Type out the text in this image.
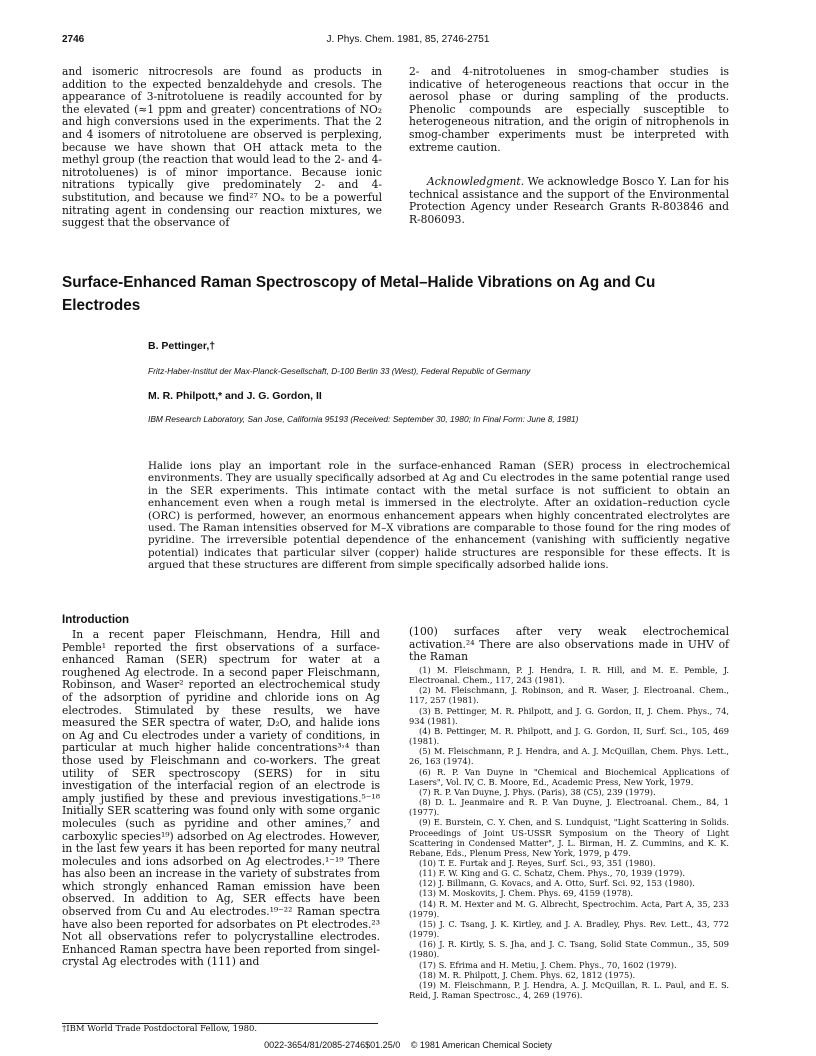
2746	J. Phys. Chem. 1981, 85, 2746-2751

and isomeric nitrocresols are found as products in addition to the expected benzaldehyde and cresols. The appearance of 3-nitrotoluene is readily accounted for by the elevated (≈1 ppm and greater) concentrations of NO₂ and high conversions used in the experiments. That the 2 and 4 isomers of nitrotoluene are observed is perplexing, because we have shown that OH attack meta to the methyl group (the reaction that would lead to the 2- and 4-nitrotoluenes) is of minor importance. Because ionic nitrations typically give predominately 2- and 4-substitution, and because we find²⁷ NOₓ to be a powerful nitrating agent in condensing our reaction mixtures, we suggest that the observance of

2- and 4-nitrotoluenes in smog-chamber studies is indicative of heterogeneous reactions that occur in the aerosol phase or during sampling of the products. Phenolic compounds are especially susceptible to heterogeneous nitration, and the origin of nitrophenols in smog-chamber experiments must be interpreted with extreme caution.

Acknowledgment. We acknowledge Bosco Y. Lan for his technical assistance and the support of the Environmental Protection Agency under Research Grants R-803846 and R-806093.
Surface-Enhanced Raman Spectroscopy of Metal–Halide Vibrations on Ag and Cu Electrodes
B. Pettinger,†
Fritz-Haber-Institut der Max-Planck-Gesellschaft, D-100 Berlin 33 (West), Federal Republic of Germany
M. R. Philpott,* and J. G. Gordon, II
IBM Research Laboratory, San Jose, California 95193 (Received: September 30, 1980; In Final Form: June 8, 1981)
Halide ions play an important role in the surface-enhanced Raman (SER) process in electrochemical environments. They are usually specifically adsorbed at Ag and Cu electrodes in the same potential range used in the SER experiments. This intimate contact with the metal surface is not sufficient to obtain an enhancement even when a rough metal is immersed in the electrolyte. After an oxidation–reduction cycle (ORC) is performed, however, an enormous enhancement appears when highly concentrated electrolytes are used. The Raman intensities observed for M–X vibrations are comparable to those found for the ring modes of pyridine. The irreversible potential dependence of the enhancement (vanishing with sufficiently negative potential) indicates that particular silver (copper) halide structures are responsible for these effects. It is argued that these structures are different from simple specifically adsorbed halide ions.
Introduction

In a recent paper Fleischmann, Hendra, Hill and Pemble¹ reported the first observations of a surface-enhanced Raman (SER) spectrum for water at a roughened Ag electrode. In a second paper Fleischmann, Robinson, and Waser² reported an electrochemical study of the adsorption of pyridine and chloride ions on Ag electrodes. Stimulated by these results, we have measured the SER spectra of water, D₂O, and halide ions on Ag and Cu electrodes under a variety of conditions, in particular at much higher halide concentrations³˒⁴ than those used by Fleischmann and co-workers. The great utility of SER spectroscopy (SERS) for in situ investigation of the interfacial region of an electrode is amply justified by these and previous investigations.⁵⁻¹⁸ Initially SER scattering was found only with some organic molecules (such as pyridine and other amines,⁷ and carboxylic species¹⁹) adsorbed on Ag electrodes. However, in the last few years it has been reported for many neutral molecules and ions adsorbed on Ag electrodes.¹⁻¹⁹ There has also been an increase in the variety of substrates from which strongly enhanced Raman emission have been observed. In addition to Ag, SER effects have been observed from Cu and Au electrodes.¹⁹⁻²² Raman spectra have also been reported for adsorbates on Pt electrodes.²³ Not all observations refer to polycrystalline electrodes. Enhanced Raman spectra have been reported from singel-crystal Ag electrodes with (111) and

(100) surfaces after very weak electrochemical activation.²⁴ There are also observations made in UHV of the Raman

(1) M. Fleischmann, P. J. Hendra, I. R. Hill, and M. E. Pemble, J. Electroanal. Chem., 117, 243 (1981).
(2) M. Fleischmann, J. Robinson, and R. Waser, J. Electroanal. Chem., 117, 257 (1981).
(3) B. Pettinger, M. R. Philpott, and J. G. Gordon, II, J. Chem. Phys., 74, 934 (1981).
(4) B. Pettinger, M. R. Philpott, and J. G. Gordon, II, Surf. Sci., 105, 469 (1981).
(5) M. Fleischmann, P. J. Hendra, and A. J. McQuillan, Chem. Phys. Lett., 26, 163 (1974).
(6) R. P. Van Duyne in "Chemical and Biochemical Applications of Lasers", Vol. IV, C. B. Moore, Ed., Academic Press, New York, 1979.
(7) R. P. Van Duyne, J. Phys. (Paris), 38 (C5), 239 (1979).
(8) D. L. Jeanmaire and R. P. Van Duyne, J. Electroanal. Chem., 84, 1 (1977).
(9) E. Burstein, C. Y. Chen, and S. Lundquist, "Light Scattering in Solids. Proceedings of Joint US-USSR Symposium on the Theory of Light Scattering in Condensed Matter", J. L. Birman, H. Z. Cummins, and K. K. Rebane, Eds., Plenum Press, New York, 1979, p 479.
(10) T. E. Furtak and J. Reyes, Surf. Sci., 93, 351 (1980).
(11) F. W. King and G. C. Schatz, Chem. Phys., 70, 1939 (1979).
(12) J. Billmann, G. Kovacs, and A. Otto, Surf. Sci. 92, 153 (1980).
(13) M. Moskovits, J. Chem. Phys. 69, 4159 (1978).
(14) R. M. Hexter and M. G. Albrecht, Spectrochim. Acta, Part A, 35, 233 (1979).
(15) J. C. Tsang, J. K. Kirtley, and J. A. Bradley, Phys. Rev. Lett., 43, 772 (1979).
(16) J. R. Kirtly, S. S. Jha, and J. C. Tsang, Solid State Commun., 35, 509 (1980).
(17) S. Efrima and H. Metiu, J. Chem. Phys., 70, 1602 (1979).
(18) M. R. Philpott, J. Chem. Phys. 62, 1812 (1975).
(19) M. Fleischmann, P. J. Hendra, A. J. McQuillan, R. L. Paul, and E. S. Reid, J. Raman Spectrosc., 4, 269 (1976).
†IBM World Trade Postdoctoral Fellow, 1980.
0022-3654/81/2085-2746$01.25/0 © 1981 American Chemical Society
